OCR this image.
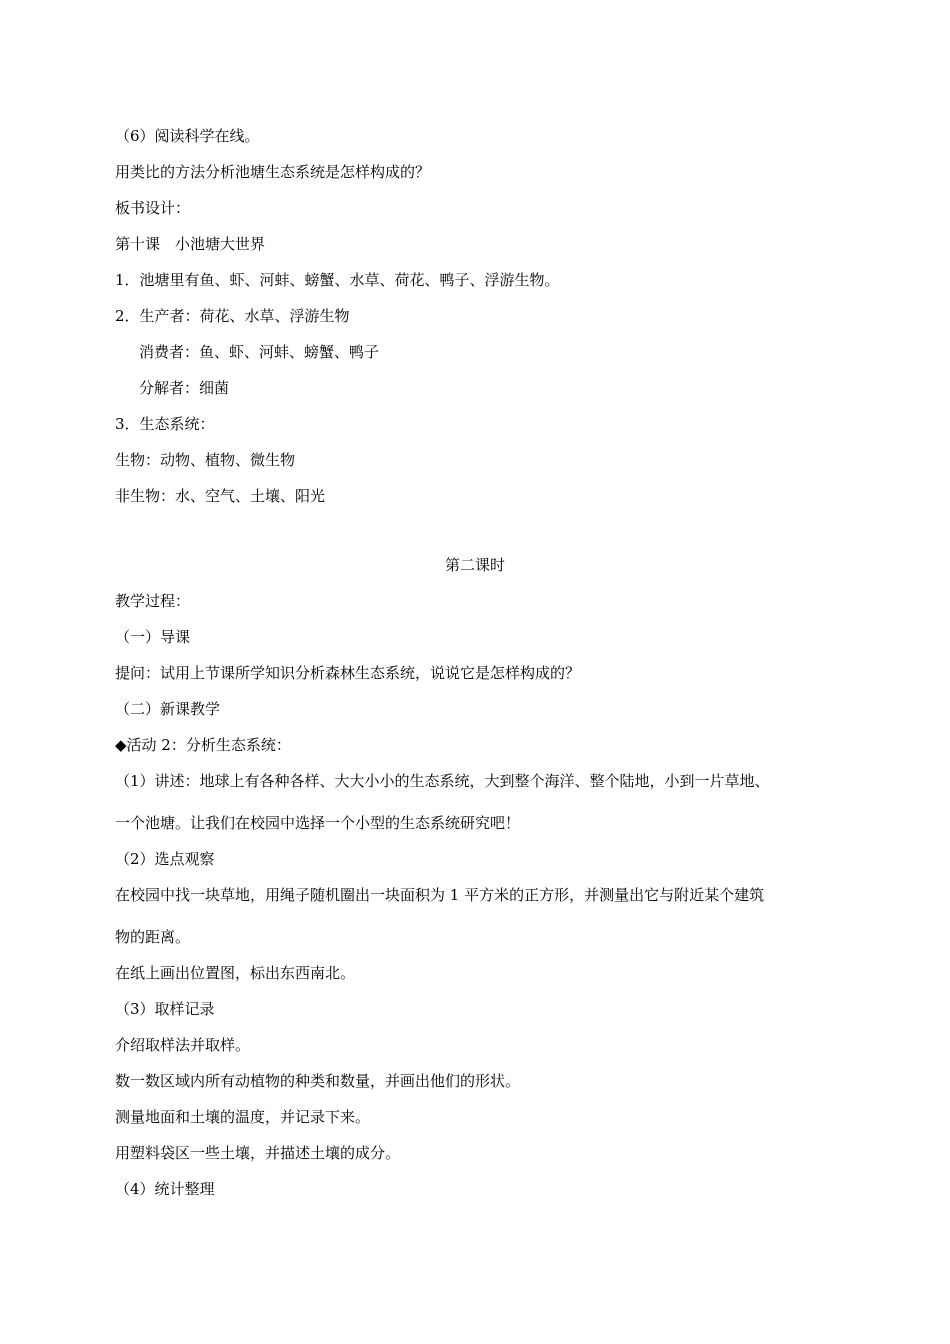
（6）阅读科学在线。
用类比的方法分析池塘生态系统是怎样构成的？
板书设计：
第十课　小池塘大世界
1．池塘里有鱼、虾、河蚌、螃蟹、水草、荷花、鸭子、浮游生物。
2．生产者：荷花、水草、浮游生物
消费者：鱼、虾、河蚌、螃蟹、鸭子
分解者：细菌
3．生态系统：
生物：动物、植物、微生物
非生物：水、空气、土壤、阳光
第二课时
教学过程：
（一）导课
提问：试用上节课所学知识分析森林生态系统，说说它是怎样构成的？
（二）新课教学
◆活动 2：分析生态系统：
（1）讲述：地球上有各种各样、大大小小的生态系统，大到整个海洋、整个陆地，小到一片草地、
一个池塘。让我们在校园中选择一个小型的生态系统研究吧！
（2）选点观察
在校园中找一块草地，用绳子随机圈出一块面积为 1 平方米的正方形，并测量出它与附近某个建筑
物的距离。
在纸上画出位置图，标出东西南北。
（3）取样记录
介绍取样法并取样。
数一数区域内所有动植物的种类和数量，并画出他们的形状。
测量地面和土壤的温度，并记录下来。
用塑料袋区一些土壤，并描述土壤的成分。
（4）统计整理
